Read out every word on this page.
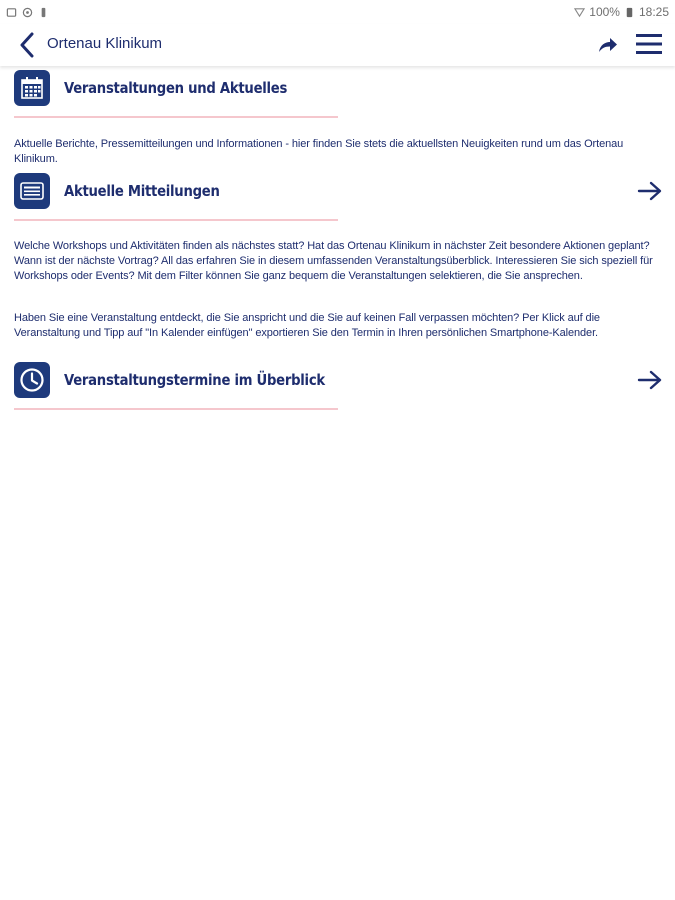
100% 18:25
Ortenau Klinikum
Veranstaltungen und Aktuelles
Aktuelle Berichte, Pressemitteilungen und Informationen - hier finden Sie stets die aktuellsten Neuigkeiten rund um das Ortenau Klinikum.
Aktuelle Mitteilungen
Welche Workshops und Aktivitäten finden als nächstes statt? Hat das Ortenau Klinikum in nächster Zeit besondere Aktionen geplant? Wann ist der nächste Vortrag? All das erfahren Sie in diesem umfassenden Veranstaltungsüberblick. Interessieren Sie sich speziell für Workshops oder Events? Mit dem Filter können Sie ganz bequem die Veranstaltungen selektieren, die Sie ansprechen.
Haben Sie eine Veranstaltung entdeckt, die Sie anspricht und die Sie auf keinen Fall verpassen möchten? Per Klick auf die Veranstaltung und Tipp auf "In Kalender einfügen" exportieren Sie den Termin in Ihren persönlichen Smartphone-Kalender.
Veranstaltungstermine im Überblick
